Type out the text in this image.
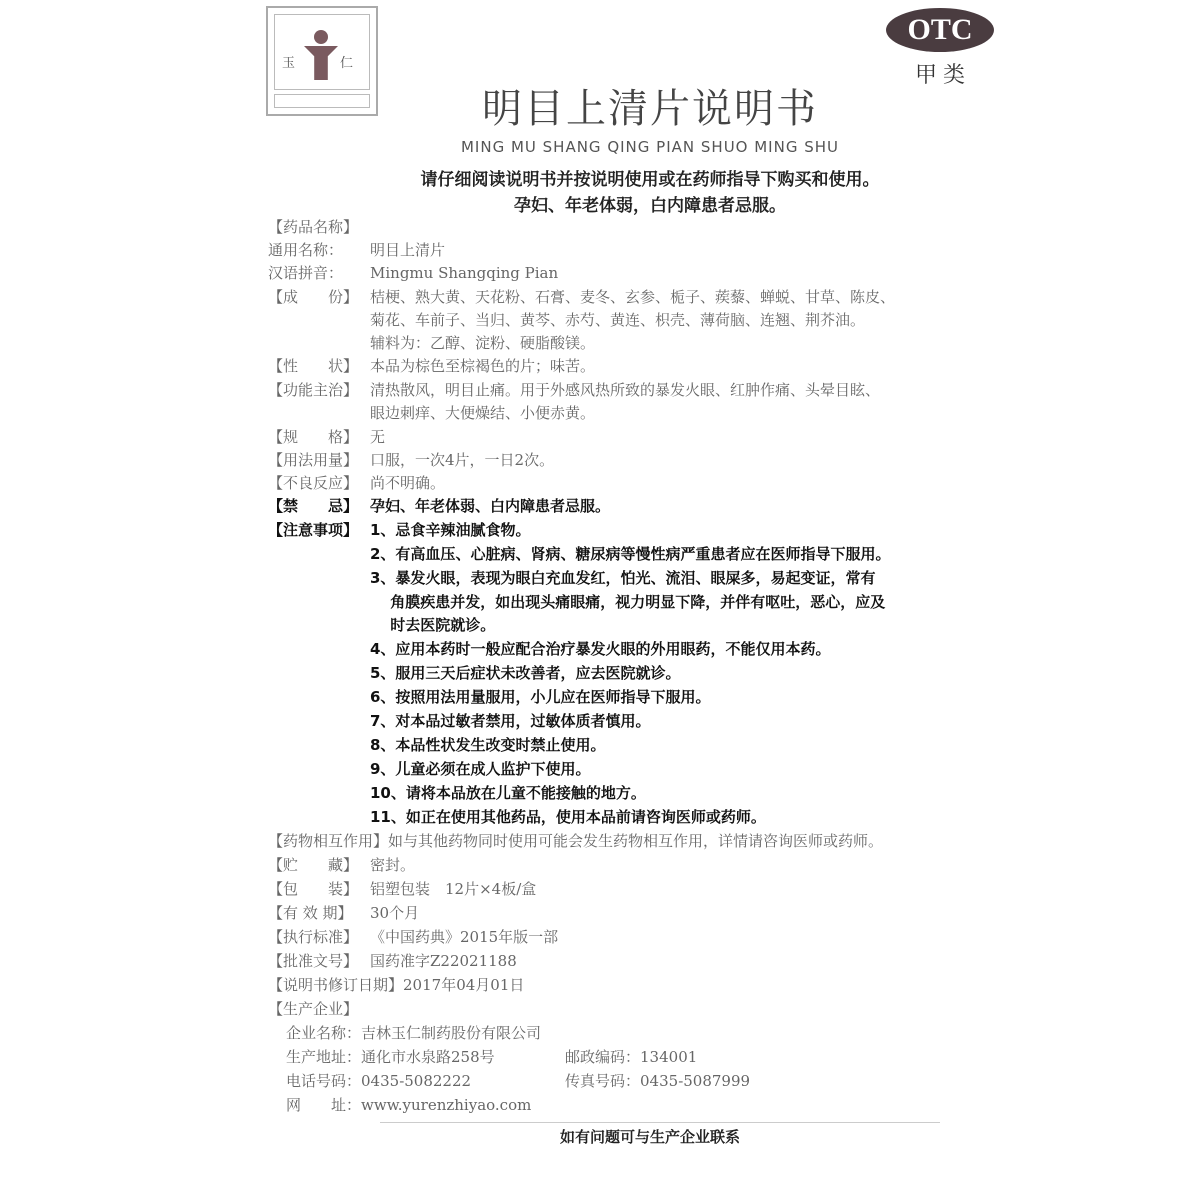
玉	仁
OTC
甲类
明目上清片说明书
MING MU SHANG QING PIAN SHUO MING SHU
请仔细阅读说明书并按说明使用或在药师指导下购买和使用。
孕妇、年老体弱，白内障患者忌服。
【药品名称】
通用名称： 明目上清片
汉语拼音： Mingmu Shangqing Pian
【成　　份】 桔梗、熟大黄、天花粉、石膏、麦冬、玄参、栀子、蒺藜、蝉蜕、甘草、陈皮、
菊花、车前子、当归、黄芩、赤芍、黄连、枳壳、薄荷脑、连翘、荆芥油。
辅料为：乙醇、淀粉、硬脂酸镁。
【性　　状】 本品为棕色至棕褐色的片；味苦。
【功能主治】 清热散风，明目止痛。用于外感风热所致的暴发火眼、红肿作痛、头晕目眩、
眼边刺痒、大便燥结、小便赤黄。
【规　　格】 无
【用法用量】 口服，一次4片，一日2次。
【不良反应】 尚不明确。
【禁　　忌】 孕妇、年老体弱、白内障患者忌服。
【注意事项】 1、忌食辛辣油腻食物。
2、有高血压、心脏病、肾病、糖尿病等慢性病严重患者应在医师指导下服用。
3、暴发火眼，表现为眼白充血发红，怕光、流泪、眼屎多，易起变证，常有
　 角膜疾患并发，如出现头痛眼痛，视力明显下降，并伴有呕吐，恶心，应及
　 时去医院就诊。
4、应用本药时一般应配合治疗暴发火眼的外用眼药，不能仅用本药。
5、服用三天后症状未改善者，应去医院就诊。
6、按照用法用量服用，小儿应在医师指导下服用。
7、对本品过敏者禁用，过敏体质者慎用。
8、本品性状发生改变时禁止使用。
9、儿童必须在成人监护下使用。
10、请将本品放在儿童不能接触的地方。
11、如正在使用其他药品，使用本品前请咨询医师或药师。
【药物相互作用】如与其他药物同时使用可能会发生药物相互作用，详情请咨询医师或药师。
【贮　　藏】 密封。
【包　　装】 铝塑包装　12片×4板/盒
【有 效 期】 30个月
【执行标准】 《中国药典》2015年版一部
【批准文号】 国药准字Z22021188
【说明书修订日期】2017年04月01日
【生产企业】
企业名称：吉林玉仁制药股份有限公司
生产地址：通化市水泉路258号	邮政编码：134001
电话号码：0435-5082222	传真号码：0435-5087999
网　　址：www.yurenzhiyao.com
如有问题可与生产企业联系
